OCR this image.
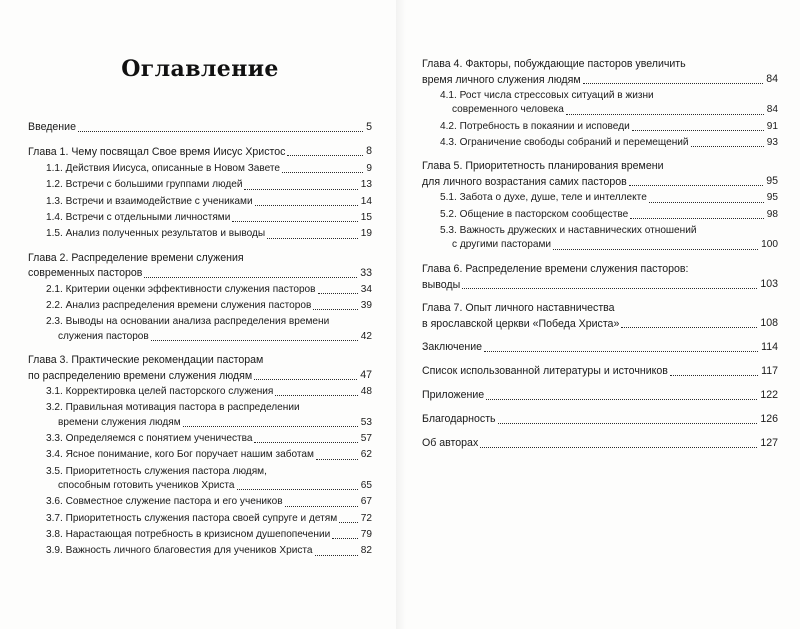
Оглавление
Введение	5
Глава 1. Чему посвящал Свое время Иисус Христос	8
1.1. Действия Иисуса, описанные в Новом Завете	9
1.2. Встречи с большими группами людей	13
1.3. Встречи и взаимодействие с учениками	14
1.4. Встречи с отдельными личностями	15
1.5. Анализ полученных результатов и выводы	19
Глава 2. Распределение времени служения
современных пасторов	33
2.1. Критерии оценки эффективности служения пасторов	34
2.2. Анализ распределения времени служения пасторов	39
2.3. Выводы на основании анализа распределения времени
служения пасторов	42
Глава 3. Практические рекомендации пасторам
по распределению времени служения людям	47
3.1. Корректировка целей пасторского служения	48
3.2. Правильная мотивация пастора в распределении
времени служения людям	53
3.3. Определяемся с понятием ученичества	57
3.4. Ясное понимание, кого Бог поручает нашим заботам	62
3.5. Приоритетность служения пастора людям,
способным готовить учеников Христа	65
3.6. Совместное служение пастора и его учеников	67
3.7. Приоритетность служения пастора своей супруге и детям 72
3.8. Нарастающая потребность в кризисном душепопечении	79
3.9. Важность личного благовестия для учеников Христа	82
Глава 4. Факторы, побуждающие пасторов увеличить
время личного служения людям	84
4.1. Рост числа стрессовых ситуаций в жизни
современного человека	84
4.2. Потребность в покаянии и исповеди	91
4.3. Ограничение свободы собраний и перемещений	93
Глава 5. Приоритетность планирования времени
для личного возрастания самих пасторов	95
5.1. Забота о духе, душе, теле и интеллекте	95
5.2. Общение в пасторском сообществе	98
5.3. Важность дружеских и наставнических отношений
с другими пасторами	100
Глава 6. Распределение времени служения пасторов:
выводы	103
Глава 7. Опыт личного наставничества
в ярославской церкви «Победа Христа»	108
Заключение	114
Список использованной литературы и источников	117
Приложение	122
Благодарность	126
Об авторах	127
